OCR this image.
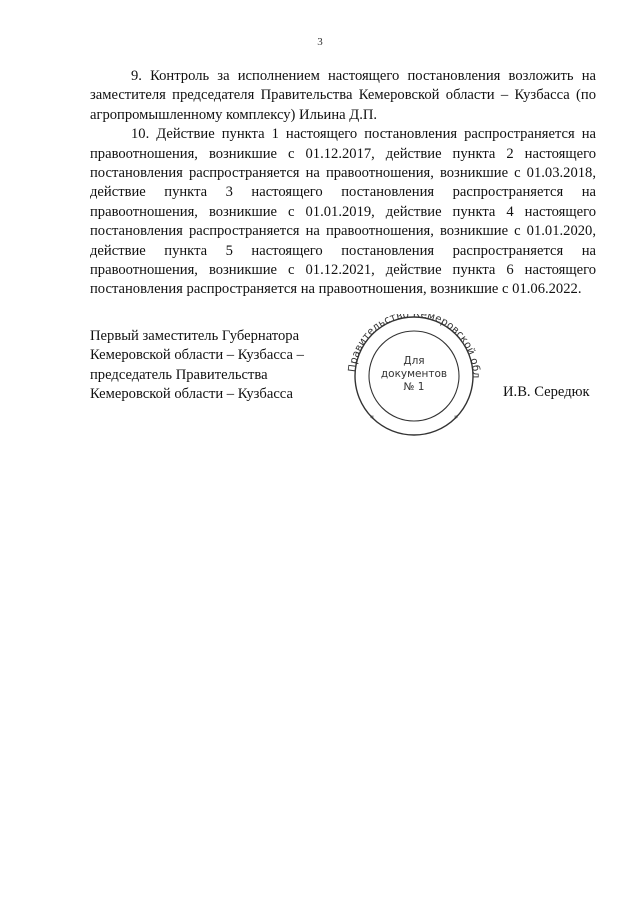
3

9. Контроль за исполнением настоящего постановления возложить на заместителя председателя Правительства Кемеровской области – Кузбасса (по агропромышленному комплексу) Ильина Д.П.

10. Действие пункта 1 настоящего постановления распространяется на правоотношения, возникшие с 01.12.2017, действие пункта 2 настоящего постановления распространяется на правоотношения, возникшие с 01.03.2018, действие пункта 3 настоящего постановления распространяется на правоотношения, возникшие с 01.01.2019, действие пункта 4 настоящего постановления распространяется на правоотношения, возникшие с 01.01.2020, действие пункта 5 настоящего постановления распространяется на правоотношения, возникшие с 01.12.2021, действие пункта 6 настоящего постановления распространяется на правоотношения, возникшие с 01.06.2022.

Первый заместитель Губернатора
Кемеровской области – Кузбасса –
председатель Правительства
Кемеровской области – Кузбасса
Правительство Кемеровской обл
Для
документов
№ 1
*	*
И.В. Середюк
